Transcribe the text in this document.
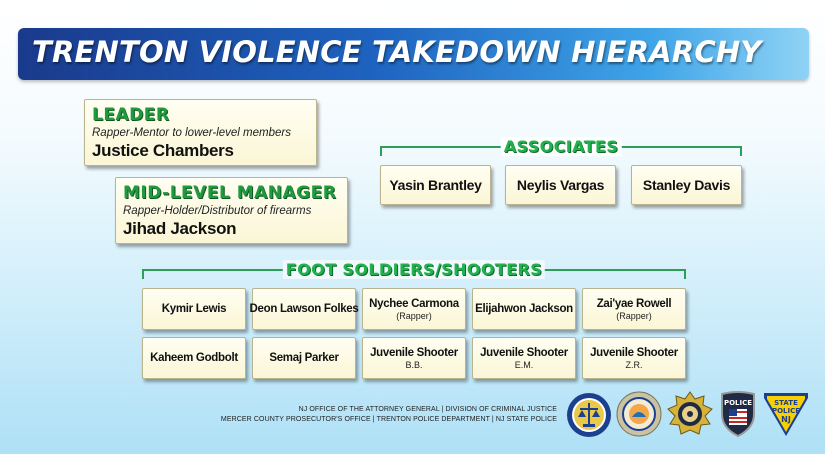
TRENTON VIOLENCE TAKEDOWN HIERARCHY
LEADER
Rapper-Mentor to lower-level members
Justice Chambers
MID-LEVEL MANAGER
Rapper-Holder/Distributor of firearms
Jihad Jackson
ASSOCIATES
Yasin Brantley	Neylis Vargas	Stanley Davis
FOOT SOLDIERS/SHOOTERS
Kymir Lewis Deon Lawson Folkes Nychee Carmona
(Rapper)
Elijahwon Jackson Zai'yae Rowell
(Rapper)
Kaheem Godbolt	Semaj Parker	Juvenile Shooter
B.B.
Juvenile Shooter
E.M.
Juvenile Shooter
Z.R.
NJ OFFICE OF THE ATTORNEY GENERAL | DIVISION OF CRIMINAL JUSTICE
MERCER COUNTY PROSECUTOR'S OFFICE | TRENTON POLICE DEPARTMENT | NJ STATE POLICE
POLICE	STATE
POLICE
NJ
